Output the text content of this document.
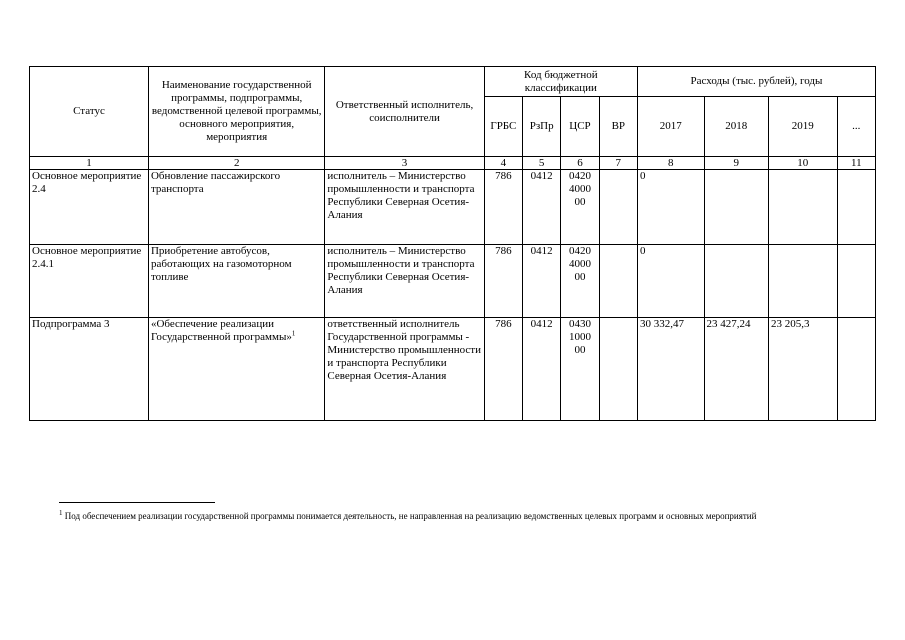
Статус	Наименование государственной программы, подпрограммы, ведомственной целевой программы, основного мероприятия, мероприятия	Ответственный исполнитель, соисполнители	Код бюджетной классификации				Расходы (тыс. рублей), годы			
			ГРБС	РзПр	ЦСР	ВР	2017	2018	2019	...
1	2	3	4	5	6	7	8	9	10	11
Основное мероприятие 2.4	Обновление пассажирского транспорта	исполнитель – Министерство промышленности и транспорта Республики Северная Осетия-Алания	786	0412	0420 4000 00		0			
Основное мероприятие 2.4.1	Приобретение автобусов, работающих на газомоторном топливе	исполнитель – Министерство промышленности и транспорта Республики Северная Осетия-Алания	786	0412	0420 4000 00		0			
Подпрограмма 3	«Обеспечение реализации Государственной программы»$^1$	ответственный исполнитель Государственной программы - Министерство промышленности и транспорта Республики Северная Осетия-Алания	786	0412	0430 1000 00		30 332,47	23 427,24	23 205,3	
$^1$ Под обеспечением реализации государственной программы понимается деятельность, не направленная на реализацию ведомственных целевых программ и основных мероприятий
